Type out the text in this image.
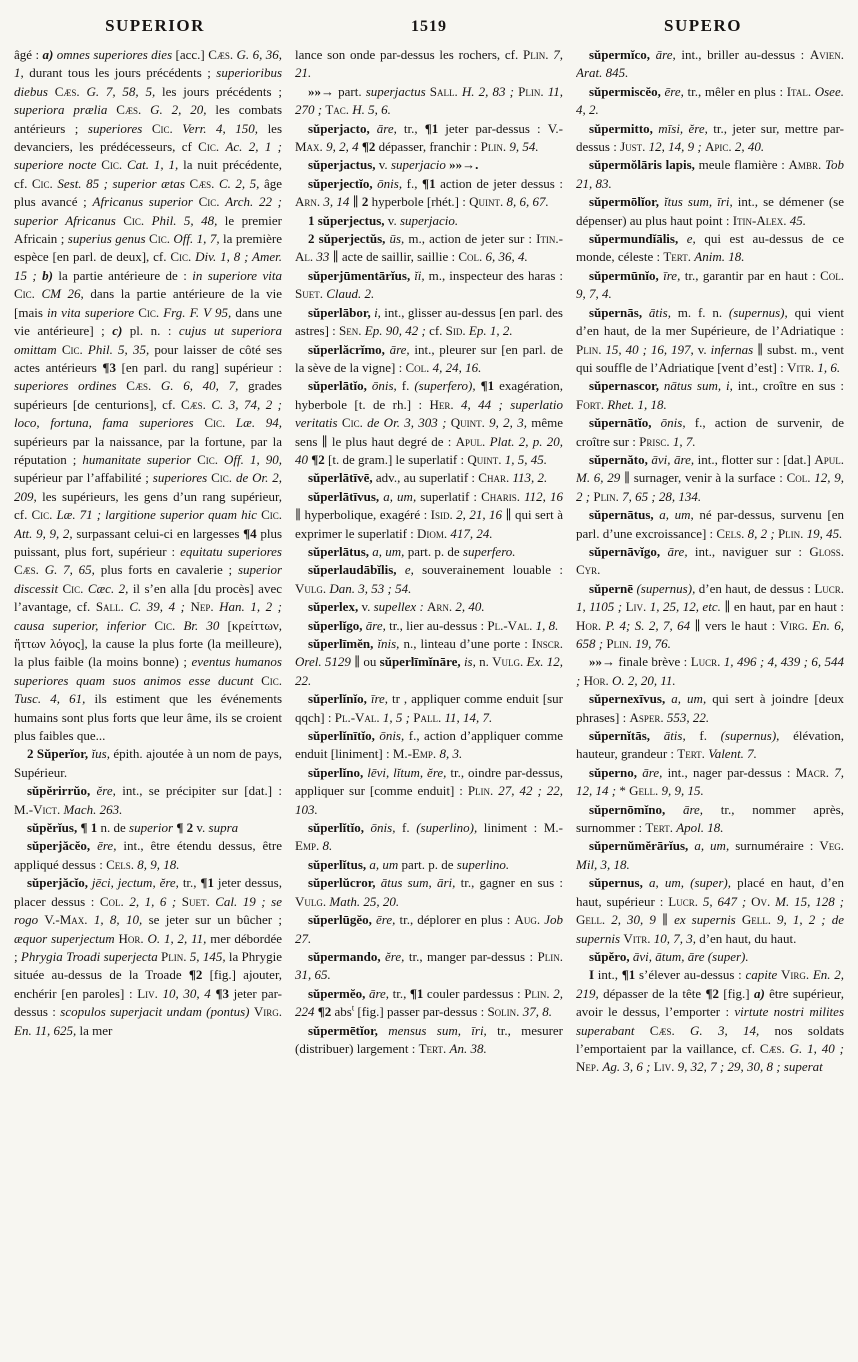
SUPERIOR	1519	SUPERO

âgé : a) omnes superiores dies [acc.] Cæs. G. 6, 36, 1, durant tous les jours précédents ; superioribus diebus Cæs. G. 7, 58, 5, les jours précédents ; superiora prælia Cæs. G. 2, 20, les combats antérieurs ; superiores Cic. Verr. 4, 150, les devanciers, les prédécesseurs, cf Cic. Ac. 2, 1 ; superiore nocte Cic. Cat. 1, 1, la nuit précédente, cf. Cic. Sest. 85 ; superior ætas Cæs. C. 2, 5, âge plus avancé ; Africanus superior Cic. Arch. 22 ; superior Africanus Cic. Phil. 5, 48, le premier Africain ; superius genus Cic. Off. 1, 7, la première espèce [en parl. de deux], cf. Cic. Div. 1, 8 ; Amer. 15 ; b) la partie antérieure de : in superiore vita Cic. CM 26, dans la partie antérieure de la vie [mais in vita superiore Cic. Frg. F. V 95, dans une vie antérieure] ; c) pl. n. : cujus ut superiora omittam Cic. Phil. 5, 35, pour laisser de côté ses actes antérieurs ¶3 [en parl. du rang] supérieur : superiores ordines Cæs. G. 6, 40, 7, grades supérieurs [de centurions], cf. Cæs. C. 3, 74, 2 ; loco, fortuna, fama superiores Cic. Læ. 94, supérieurs par la naissance, par la fortune, par la réputation ; humanitate superior Cic. Off. 1, 90, supérieur par l’affabilité ; superiores Cic. de Or. 2, 209, les supérieurs, les gens d’un rang supérieur, cf. Cic. Læ. 71 ; largitione superior quam hic Cic. Att. 9, 9, 2, surpassant celui-ci en largesses ¶4 plus puissant, plus fort, supérieur : equitatu superiores Cæs. G. 7, 65, plus forts en cavalerie ; superior discessit Cic. Cæc. 2, il s’en alla [du procès] avec l’avantage, cf. Sall. C. 39, 4 ; Nep. Han. 1, 2 ; causa superior, inferior Cic. Br. 30 [κρείττων, ἥττων λόγος], la cause la plus forte (la meilleure), la plus faible (la moins bonne) ; eventus humanos superiores quam suos animos esse ducunt Cic. Tusc. 4, 61, ils estiment que les événements humains sont plus forts que leur âme, ils se croient plus faibles que...

2 Sŭperĭor, ĭus, épith. ajoutée à un nom de pays, Supérieur.

sŭpĕrirrŭo, ĕre, int., se précipiter sur [dat.] : M.-Vict. Mach. 263.

sŭpĕrĭus, ¶ 1 n. de superior ¶ 2 v. supra

sŭperjăcĕo, ēre, int., être étendu dessus, être appliqué dessus : Cels. 8, 9, 18.

sŭperjăcĭo, jēci, jectum, ĕre, tr., ¶1 jeter dessus, placer dessus : Col. 2, 1, 6 ; Suet. Cal. 19 ; se rogo V.-Max. 1, 8, 10, se jeter sur un bûcher ; æquor superjectum Hor. O. 1, 2, 11, mer débordée ; Phrygia Troadi superjecta Plin. 5, 145, la Phrygie située au-dessus de la Troade ¶2 [fig.] ajouter, enchérir [en paroles] : Liv. 10, 30, 4 ¶3 jeter par-dessus : scopulos superjacit undam (pontus) Virg. En. 11, 625, la mer

lance son onde par-dessus les rochers, cf. Plin. 7, 21.

»»→ part. superjactus Sall. H. 2, 83 ; Plin. 11, 270 ; Tac. H. 5, 6.

sŭperjacto, āre, tr., ¶1 jeter par-dessus : V.-Max. 9, 2, 4 ¶2 dépasser, franchir : Plin. 9, 54.

sŭperjactus, v. superjacio »»→.

sŭperjectĭo, ōnis, f., ¶1 action de jeter dessus : Arn. 3, 14 ∥ 2 hyperbole [rhét.] : Quint. 8, 6, 67.

1 sŭperjectus, v. superjacio.

2 sŭperjectŭs, ūs, m., action de jeter sur : Itin.-Al. 33 ∥ acte de saillir, saillie : Col. 6, 36, 4.

sŭperjūmentārĭus, ĭi, m., inspecteur des haras : Suet. Claud. 2.

sŭperlābor, i, int., glisser au-dessus [en parl. des astres] : Sen. Ep. 90, 42 ; cf. Sid. Ep. 1, 2.

sŭperlăcrĭmo, āre, int., pleurer sur [en parl. de la sève de la vigne] : Col. 4, 24, 16.

sŭperlātĭo, ōnis, f. (superfero), ¶1 exagération, hyberbole [t. de rh.] : Her. 4, 44 ; superlatio veritatis Cic. de Or. 3, 303 ; Quint. 9, 2, 3, même sens ∥ le plus haut degré de : Apul. Plat. 2, p. 20, 40 ¶2 [t. de gram.] le superlatif : Quint. 1, 5, 45.

sŭperlātīvē, adv., au superlatif : Char. 113, 2.

sŭperlātīvus, a, um, superlatif : Charis. 112, 16 ∥ hyperbolique, exagéré : Isid. 2, 21, 16 ∥ qui sert à exprimer le superlatif : Diom. 417, 24.

sŭperlātus, a, um, part. p. de superfero.

sŭperlaudābĭlis, e, souverainement louable : Vulg. Dan. 3, 53 ; 54.

sŭperlex, v. supellex : Arn. 2, 40.

sŭperlĭgo, āre, tr., lier au-dessus : Pl.-Val. 1, 8.

sŭperlīmĕn, ĭnis, n., linteau d’une porte : Inscr. Orel. 5129 ∥ ou sŭperlīmĭnāre, is, n. Vulg. Ex. 12, 22.

sŭperlĭnĭo, īre, tr , appliquer comme enduit [sur qqch] : Pl.-Val. 1, 5 ; Pall. 11, 14, 7.

sŭperlĭnītĭo, ōnis, f., action d’appliquer comme enduit [liniment] : M.-Emp. 8, 3.

sŭperlĭno, lēvi, lĭtum, ĕre, tr., oindre par-dessus, appliquer sur [comme enduit] : Plin. 27, 42 ; 22, 103.

sŭperlĭtĭo, ōnis, f. (superlino), liniment : M.-Emp. 8.

sŭperlĭtus, a, um part. p. de superlino.

sŭperlŭcror, ātus sum, āri, tr., gagner en sus : Vulg. Math. 25, 20.

sŭperlūgĕo, ēre, tr., déplorer en plus : Aug. Job 27.

sŭpermando, ĕre, tr., manger par-dessus : Plin. 31, 65.

sŭpermĕo, āre, tr., ¶1 couler pardessus : Plin. 2, 224 ¶2 abs$^t$ [fig.] passer par-dessus : Solin. 37, 8.

sŭpermētĭor, mensus sum, īri, tr., mesurer (distribuer) largement : Tert. An. 38.

sŭpermĭco, āre, int., briller au-dessus : Avien. Arat. 845.

sŭpermiscĕo, ēre, tr., mêler en plus : Ital. Osee. 4, 2.

sŭpermitto, mīsi, ĕre, tr., jeter sur, mettre par-dessus : Just. 12, 14, 9 ; Apic. 2, 40.

sŭpermŏlāris lapis, meule flamière : Ambr. Tob 21, 83.

sŭpermōlĭor, ĭtus sum, īri, int., se démener (se dépenser) au plus haut point : Itin-Alex. 45.

sŭpermundĭālis, e, qui est au-dessus de ce monde, céleste : Tert. Anim. 18.

sŭpermūnĭo, īre, tr., garantir par en haut : Col. 9, 7, 4.

sŭpernās, ātis, m. f. n. (supernus), qui vient d’en haut, de la mer Supérieure, de l’Adriatique : Plin. 15, 40 ; 16, 197, v. infernas ∥ subst. m., vent qui souffle de l’Adriatique [vent d’est] : Vitr. 1, 6.

sŭpernascor, nātus sum, i, int., croître en sus : Fort. Rhet. 1, 18.

sŭpernātĭo, ōnis, f., action de survenir, de croître sur : Prisc. 1, 7.

sŭpernăto, āvi, āre, int., flotter sur : [dat.] Apul. M. 6, 29 ∥ surnager, venir à la surface : Col. 12, 9, 2 ; Plin. 7, 65 ; 28, 134.

sŭpernātus, a, um, né par-dessus, survenu [en parl. d’une excroissance] : Cels. 8, 2 ; Plin. 19, 45.

sŭpernāvĭgo, āre, int., naviguer sur : Gloss. Cyr.

sŭpernē (supernus), d’en haut, de dessus : Lucr. 1, 1105 ; Liv. 1, 25, 12, etc. ∥ en haut, par en haut : Hor. P. 4; S. 2, 7, 64 ∥ vers le haut : Virg. En. 6, 658 ; Plin. 19, 76.

»»→ finale brève : Lucr. 1, 496 ; 4, 439 ; 6, 544 ; Hor. O. 2, 20, 11.

sŭpernexīvus, a, um, qui sert à joindre [deux phrases] : Asper. 553, 22.

sŭpernĭtās, ātis, f. (supernus), élévation, hauteur, grandeur : Tert. Valent. 7.

sŭperno, āre, int., nager par-dessus : Macr. 7, 12, 14 ; * Gell. 9, 9, 15.

sŭpernōmĭno, āre, tr., nommer après, surnommer : Tert. Apol. 18.

sŭpernŭmĕrārĭus, a, um, surnuméraire : Veg. Mil, 3, 18.

sŭpernus, a, um, (super), placé en haut, d’en haut, supérieur : Lucr. 5, 647 ; Ov. M. 15, 128 ; Gell. 2, 30, 9 ∥ ex supernis Gell. 9, 1, 2 ; de supernis Vitr. 10, 7, 3, d’en haut, du haut.

sŭpĕro, āvi, ātum, āre (super).

I int., ¶1 s’élever au-dessus : capite Virg. En. 2, 219, dépasser de la tête ¶2 [fig.] a) être supérieur, avoir le dessus, l’emporter : virtute nostri milites superabant Cæs. G. 3, 14, nos soldats l’emportaient par la vaillance, cf. Cæs. G. 1, 40 ; Nep. Ag. 3, 6 ; Liv. 9, 32, 7 ; 29, 30, 8 ; superat
